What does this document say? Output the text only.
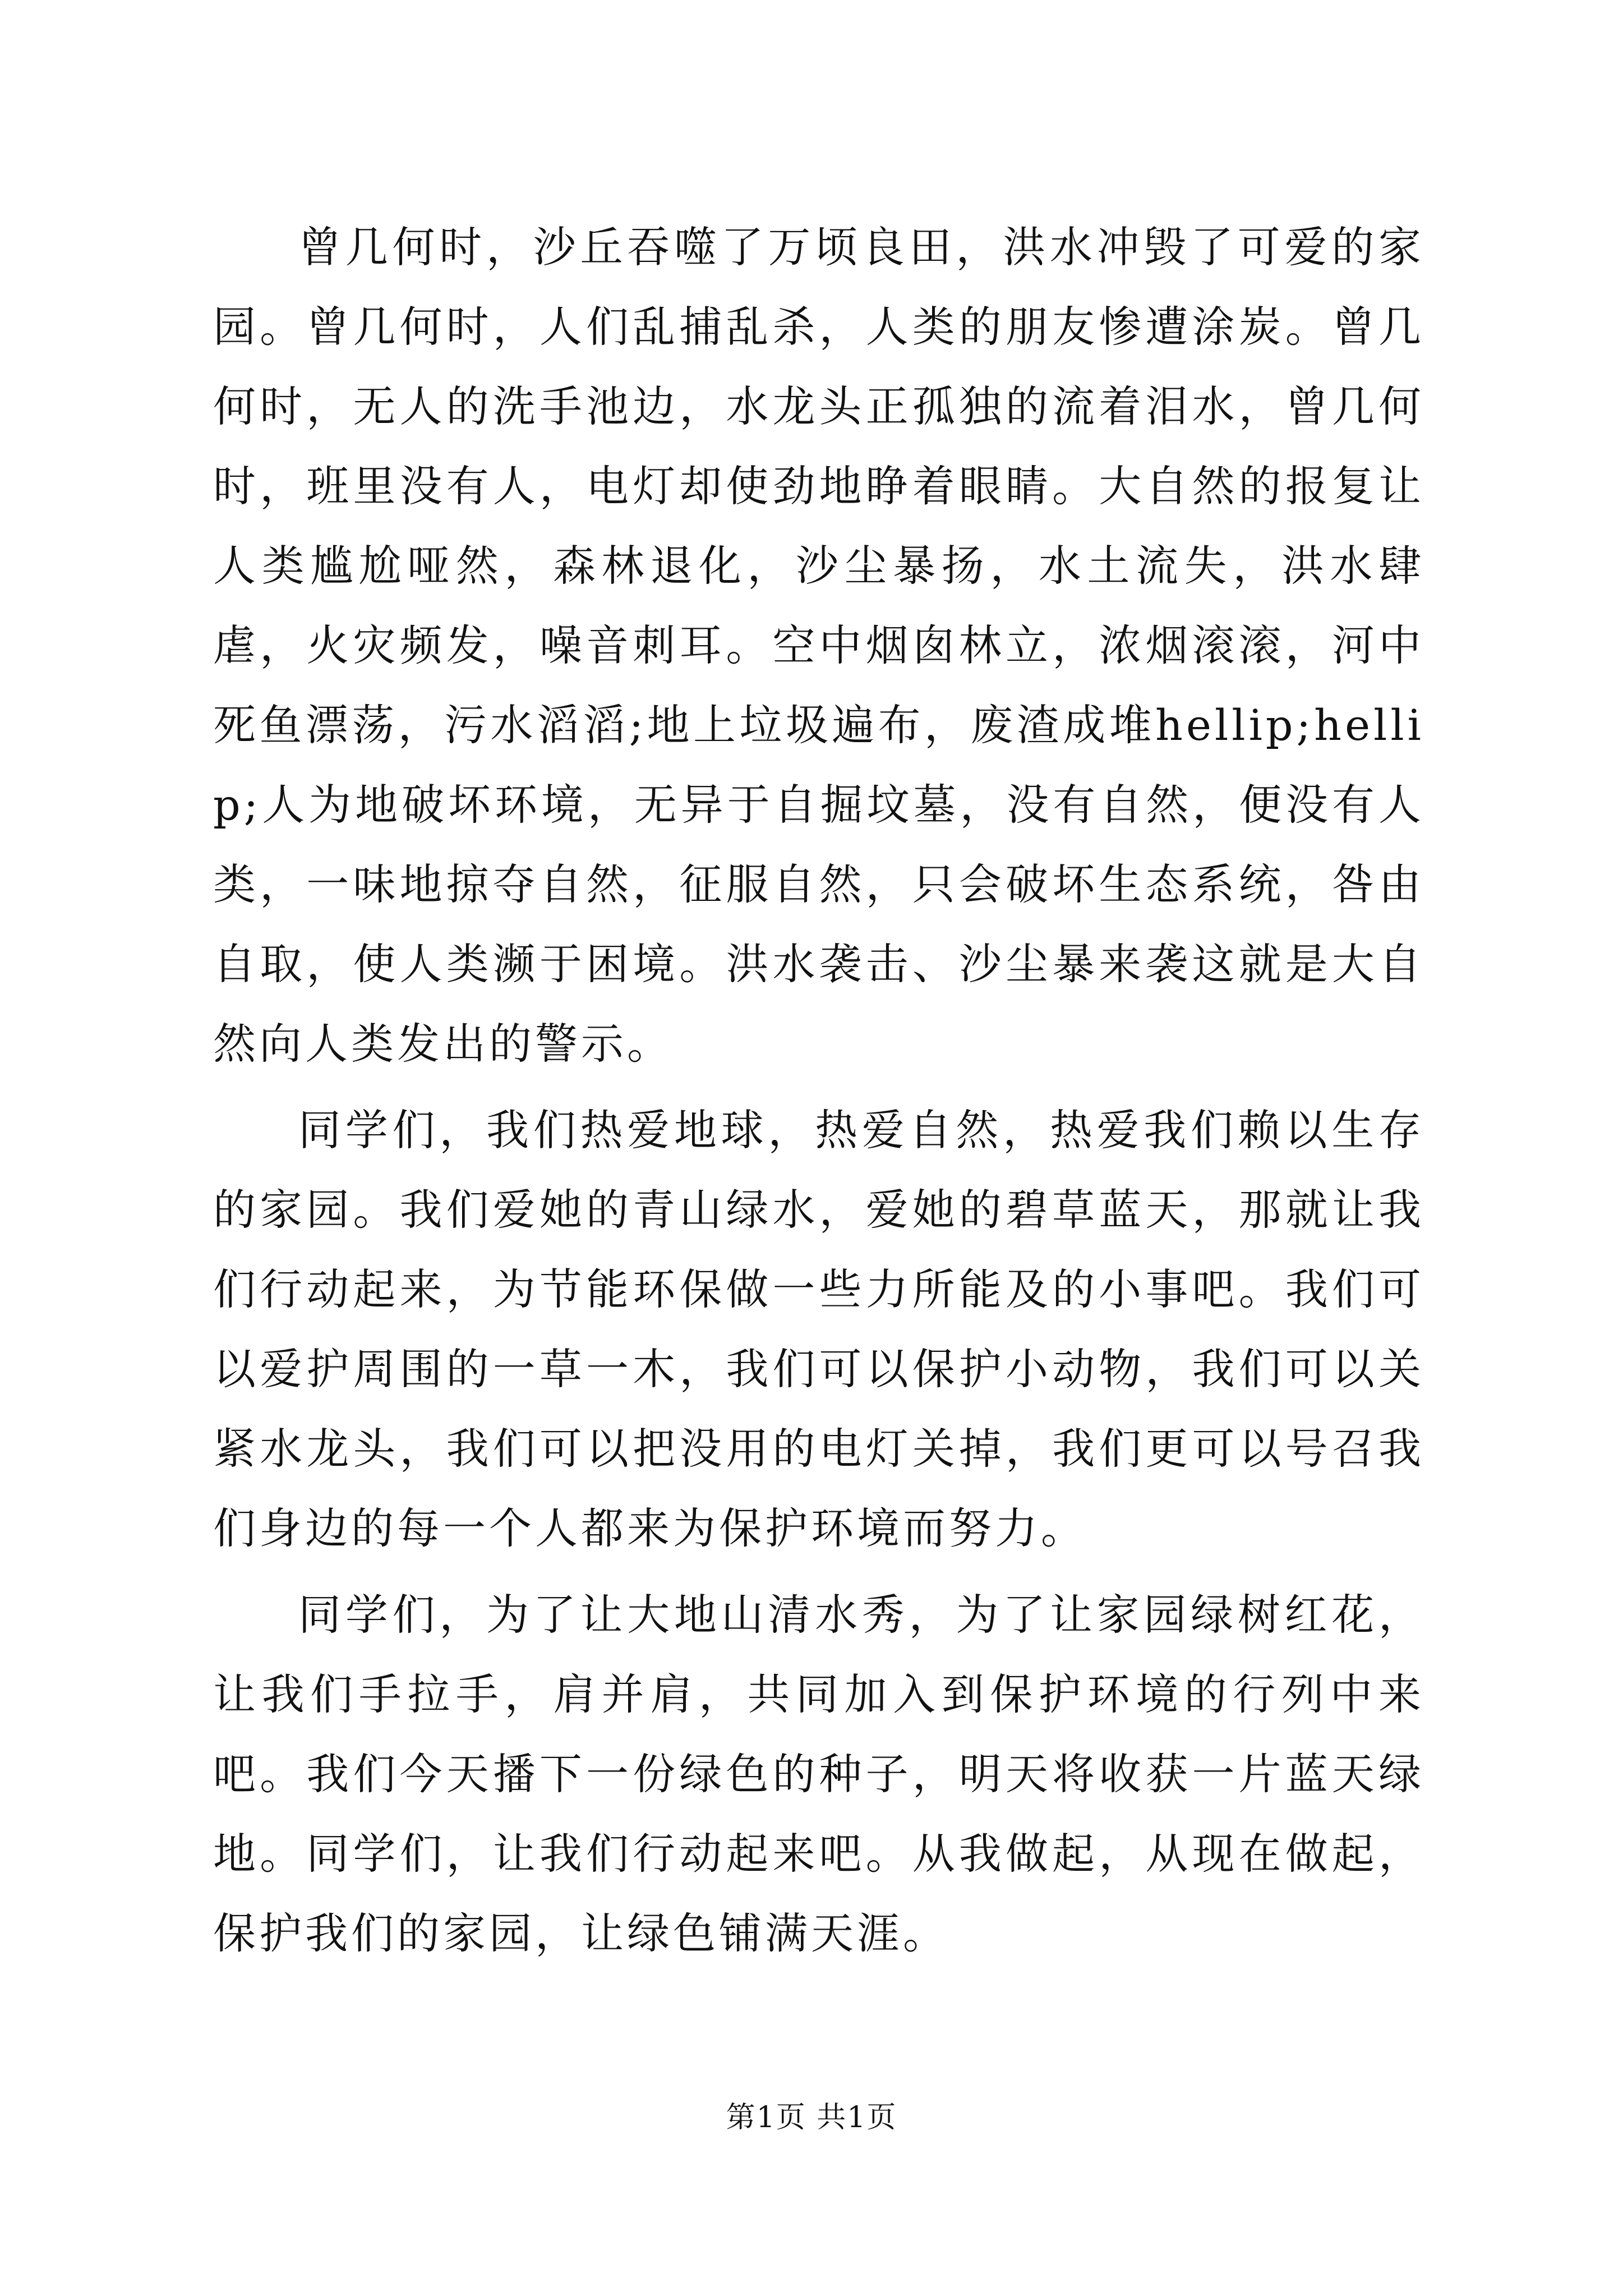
曾几何时，沙丘吞噬了万顷良田，洪水冲毁了可爱的家园。曾几何时，人们乱捕乱杀，人类的朋友惨遭涂炭。曾几何时，无人的洗手池边，水龙头正孤独的流着泪水，曾几何时，班里没有人，电灯却使劲地睁着眼睛。大自然的报复让人类尴尬哑然，森林退化，沙尘暴扬，水土流失，洪水肆虐，火灾频发，噪音刺耳。空中烟囱林立，浓烟滚滚，河中死鱼漂荡，污水滔滔;地上垃圾遍布，废渣成堆hellip;hellip;人为地破坏环境，无异于自掘坟墓，没有自然，便没有人类，一味地掠夺自然，征服自然，只会破坏生态系统，咎由自取，使人类濒于困境。洪水袭击、沙尘暴来袭这就是大自然向人类发出的警示。

同学们，我们热爱地球，热爱自然，热爱我们赖以生存的家园。我们爱她的青山绿水，爱她的碧草蓝天，那就让我们行动起来，为节能环保做一些力所能及的小事吧。我们可以爱护周围的一草一木，我们可以保护小动物，我们可以关紧水龙头，我们可以把没用的电灯关掉，我们更可以号召我们身边的每一个人都来为保护环境而努力。

同学们，为了让大地山清水秀，为了让家园绿树红花，让我们手拉手，肩并肩，共同加入到保护环境的行列中来吧。我们今天播下一份绿色的种子，明天将收获一片蓝天绿地。同学们，让我们行动起来吧。从我做起，从现在做起，保护我们的家园，让绿色铺满天涯。

第1页 共1页
